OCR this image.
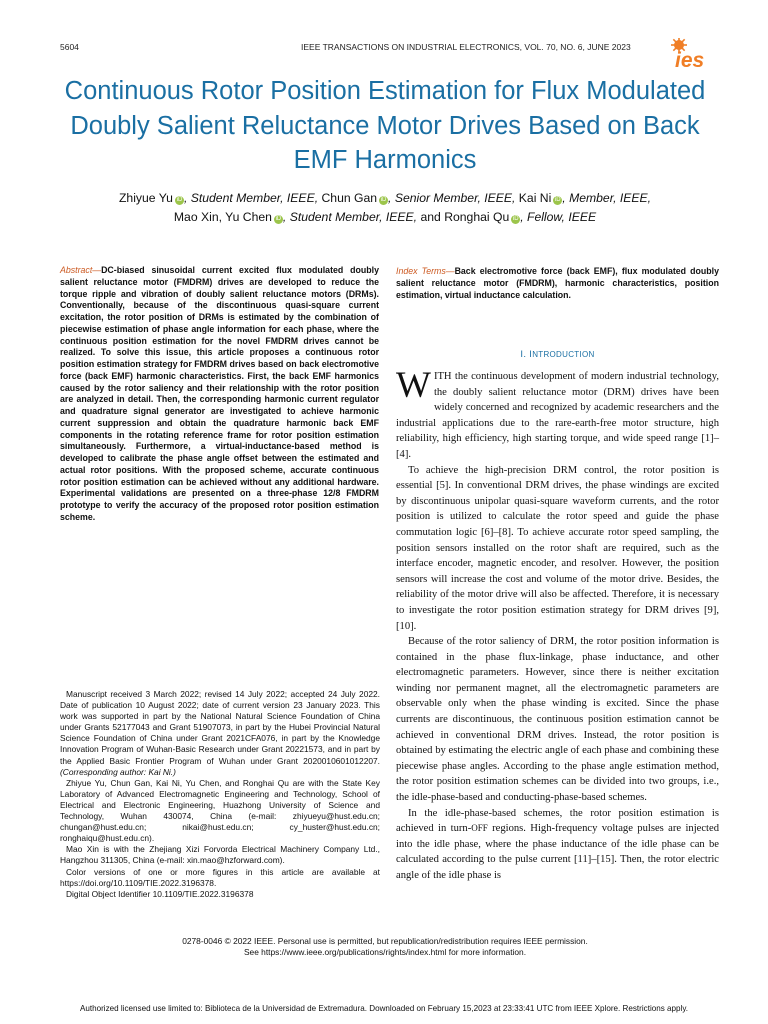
5604	IEEE TRANSACTIONS ON INDUSTRIAL ELECTRONICS, VOL. 70, NO. 6, JUNE 2023
ies
Continuous Rotor Position Estimation for Flux Modulated Doubly Salient Reluctance Motor Drives Based on Back EMF Harmonics
Zhiyue Yu iD , Student Member, IEEE, Chun Gan iD , Senior Member, IEEE, Kai Ni iD , Member, IEEE,
Mao Xin, Yu Chen iD , Student Member, IEEE, and Ronghai Qu iD , Fellow, IEEE

Abstract—DC-biased sinusoidal current excited flux modulated doubly salient reluctance motor (FMDRM) drives are developed to reduce the torque ripple and vibration of doubly salient reluctance motors (DRMs). Conventionally, because of the discontinuous quasi-square current excitation, the rotor position of DRMs is estimated by the combination of piecewise estimation of phase angle information for each phase, where the continuous position estimation for the novel FMDRM drives cannot be realized. To solve this issue, this article proposes a continuous rotor position estimation strategy for FMDRM drives based on back electromotive force (back EMF) harmonic characteristics. First, the back EMF harmonics caused by the rotor saliency and their relationship with the rotor position are analyzed in detail. Then, the corresponding harmonic current regulator and quadrature signal generator are investigated to achieve harmonic current suppression and obtain the quadrature harmonic back EMF components in the rotating reference frame for rotor position estimation simultaneously. Furthermore, a virtual-inductance-based method is developed to calibrate the phase angle offset between the estimated and actual rotor positions. With the proposed scheme, accurate continuous rotor position estimation can be achieved without any additional hardware. Experimental validations are presented on a three-phase 12/8 FMDRM prototype to verify the accuracy of the proposed rotor position estimation scheme.

Index Terms—Back electromotive force (back EMF), flux modulated doubly salient reluctance motor (FMDRM), harmonic characteristics, position estimation, virtual inductance calculation.

I. INTRODUCTION

WITH the continuous development of modern industrial technology, the doubly salient reluctance motor (DRM) drives have been widely concerned and recognized by academic researchers and the industrial applications due to the rare-earth-free motor structure, high reliability, high efficiency, high starting torque, and wide speed range [1]–[4].

To achieve the high-precision DRM control, the rotor position is essential [5]. In conventional DRM drives, the phase windings are excited by discontinuous unipolar quasi-square waveform currents, and the rotor position is utilized to calculate the rotor speed and guide the phase commutation logic [6]–[8]. To achieve accurate rotor speed sampling, the position sensors installed on the rotor shaft are required, such as the interface encoder, magnetic encoder, and resolver. However, the position sensors will increase the cost and volume of the motor drive. Besides, the reliability of the motor drive will also be affected. Therefore, it is necessary to investigate the rotor position estimation strategy for DRM drives [9], [10].

Because of the rotor saliency of DRM, the rotor position information is contained in the phase flux-linkage, phase inductance, and other electromagnetic parameters. However, since there is neither excitation winding nor permanent magnet, all the electromagnetic parameters are observable only when the phase winding is excited. Since the phase currents are discontinuous, the continuous position estimation cannot be achieved in conventional DRM drives. Instead, the rotor position is obtained by estimating the electric angle of each phase and combining these piecewise phase angles. According to the phase angle estimation method, the rotor position estimation schemes can be divided into two groups, i.e., the idle-phase-based and conducting-phase-based schemes.

In the idle-phase-based schemes, the rotor position estimation is achieved in turn-OFF regions. High-frequency voltage pulses are injected into the idle phase, where the phase inductance of the idle phase can be calculated according to the pulse current [11]–[15]. Then, the rotor electric angle of the idle phase is

Manuscript received 3 March 2022; revised 14 July 2022; accepted 24 July 2022. Date of publication 10 August 2022; date of current version 23 January 2023. This work was supported in part by the National Natural Science Foundation of China under Grants 52177043 and Grant 51907073, in part by the Hubei Provincial Natural Science Foundation of China under Grant 2021CFA076, in part by the Knowledge Innovation Program of Wuhan-Basic Research under Grant 20221573, and in part by the Applied Basic Frontier Program of Wuhan under Grant 2020010601012207. (Corresponding author: Kai Ni.)

Zhiyue Yu, Chun Gan, Kai Ni, Yu Chen, and Ronghai Qu are with the State Key Laboratory of Advanced Electromagnetic Engineering and Technology, School of Electrical and Electronic Engineering, Huazhong University of Science and Technology, Wuhan 430074, China (e-mail: zhiyueyu@hust.edu.cn; chungan@hust.edu.cn; nikai@hust.edu.cn; cy_huster@hust.edu.cn; ronghaiqu@hust.edu.cn).

Mao Xin is with the Zhejiang Xizi Forvorda Electrical Machinery Company Ltd., Hangzhou 311305, China (e-mail: xin.mao@hzforward.com).

Color versions of one or more figures in this article are available at https://doi.org/10.1109/TIE.2022.3196378.

Digital Object Identifier 10.1109/TIE.2022.3196378

0278-0046 © 2022 IEEE. Personal use is permitted, but republication/redistribution requires IEEE permission.
See https://www.ieee.org/publications/rights/index.html for more information.
Authorized licensed use limited to: Biblioteca de la Universidad de Extremadura. Downloaded on February 15,2023 at 23:33:41 UTC from IEEE Xplore. Restrictions apply.
